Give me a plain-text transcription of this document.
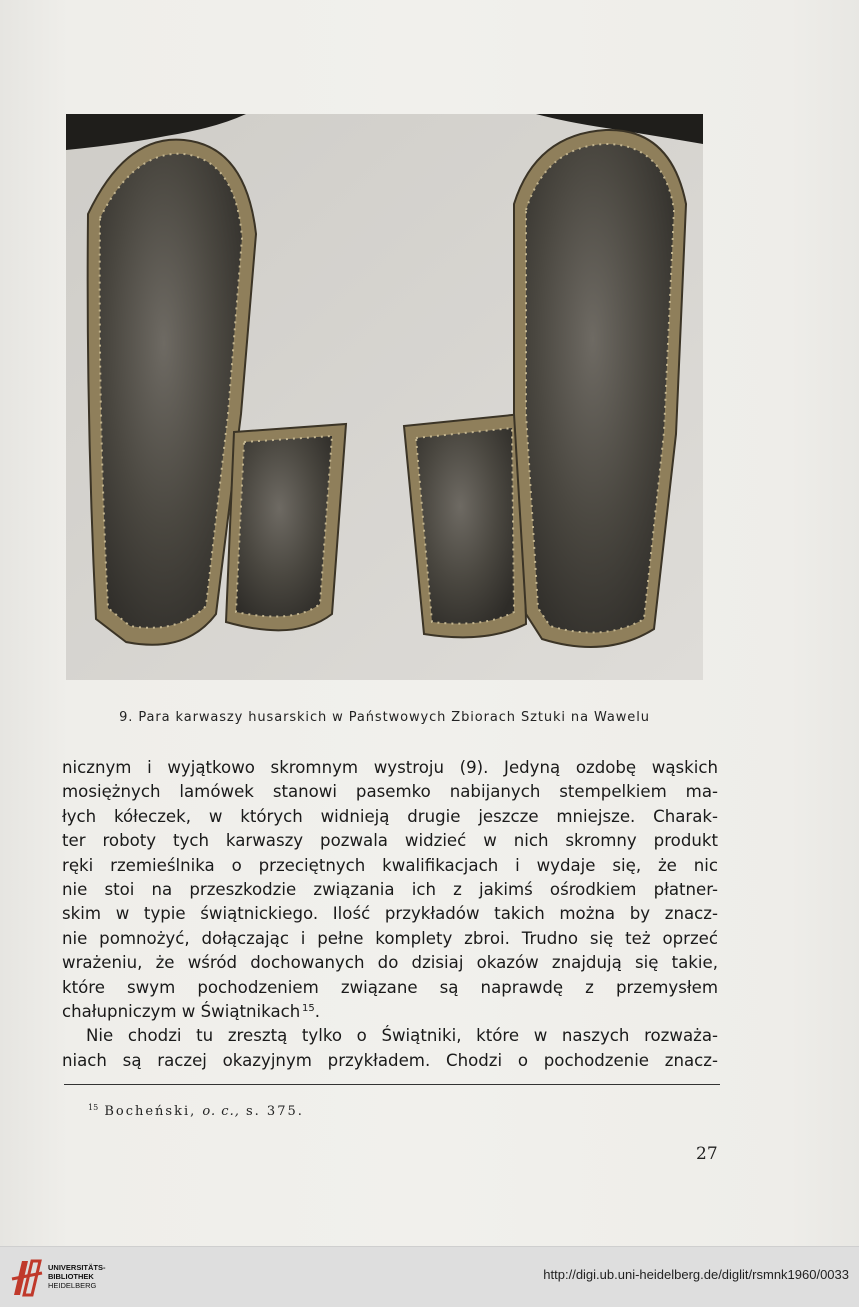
9. Para karwaszy husarskich w Państwowych Zbiorach Sztuki na Wawelu
nicznym i wyjątkowo skromnym wystroju (9). Jedyną ozdobę wąskich
mosiężnych lamówek stanowi pasemko nabijanych stempelkiem ma-
łych kółeczek, w których widnieją drugie jeszcze mniejsze. Charak-
ter roboty tych karwaszy pozwala widzieć w nich skromny produkt
ręki rzemieślnika o przeciętnych kwalifikacjach i wydaje się, że nic
nie stoi na przeszkodzie związania ich z jakimś ośrodkiem płatner-
skim w typie świątnickiego. Ilość przykładów takich można by znacz-
nie pomnożyć, dołączając i pełne komplety zbroi. Trudno się też oprzeć
wrażeniu, że wśród dochowanych do dzisiaj okazów znajdują się takie,
które swym pochodzeniem związane są naprawdę z przemysłem
chałupniczym w Świątnikach  $^{15}$.
Nie chodzi tu zresztą tylko o Świątniki, które w naszych rozważa-
niach są raczej okazyjnym przykładem. Chodzi o pochodzenie znacz-
$^{15}$ Bocheński, o. c., s. 375.
27
UNIVERSITÄTS-
BIBLIOTHEK
HEIDELBERG
http://digi.ub.uni-heidelberg.de/diglit/rsmnk1960/0033
